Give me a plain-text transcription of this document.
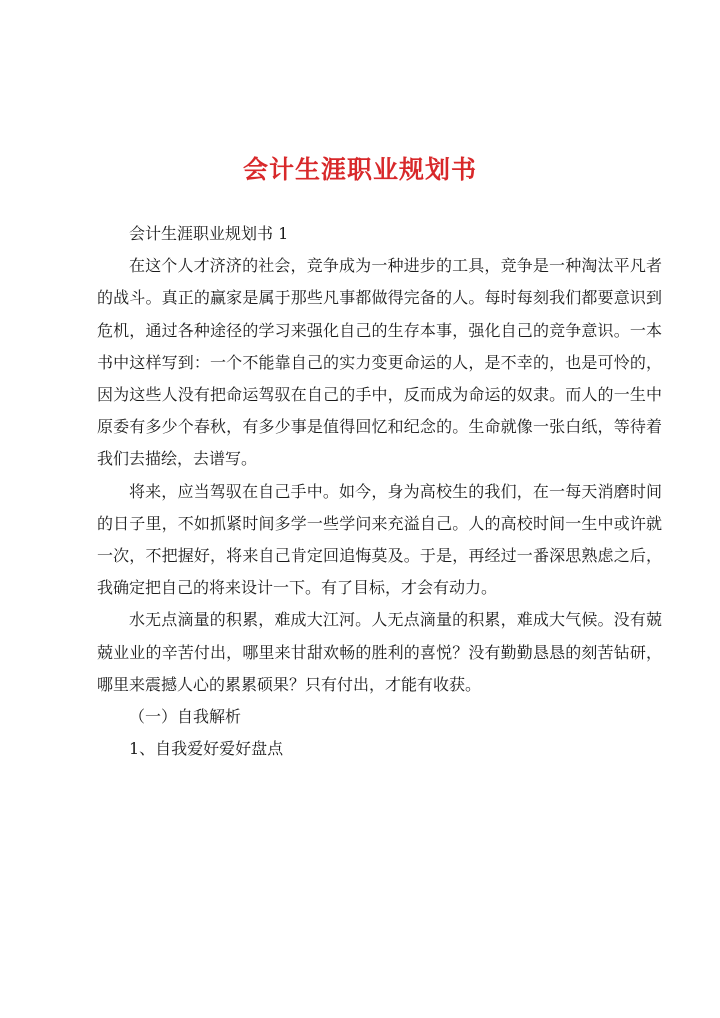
会计生涯职业规划书

会计生涯职业规划书 1

在这个人才济济的社会，竞争成为一种进步的工具，竞争是一种淘汰平凡者的战斗。真正的赢家是属于那些凡事都做得完备的人。每时每刻我们都要意识到危机，通过各种途径的学习来强化自己的生存本事，强化自己的竞争意识。一本书中这样写到：一个不能靠自己的实力变更命运的人，是不幸的，也是可怜的，因为这些人没有把命运驾驭在自己的手中，反而成为命运的奴隶。而人的一生中原委有多少个春秋，有多少事是值得回忆和纪念的。生命就像一张白纸，等待着我们去描绘，去谱写。

将来，应当驾驭在自己手中。如今，身为高校生的我们，在一每天消磨时间的日子里，不如抓紧时间多学一些学问来充溢自己。人的高校时间一生中或许就一次，不把握好，将来自己肯定回追悔莫及。于是，再经过一番深思熟虑之后，我确定把自己的将来设计一下。有了目标，才会有动力。

水无点滴量的积累，难成大江河。人无点滴量的积累，难成大气候。没有兢兢业业的辛苦付出，哪里来甘甜欢畅的胜利的喜悦？没有勤勤恳恳的刻苦钻研，哪里来震撼人心的累累硕果？只有付出，才能有收获。

（一）自我解析

1、自我爱好爱好盘点
